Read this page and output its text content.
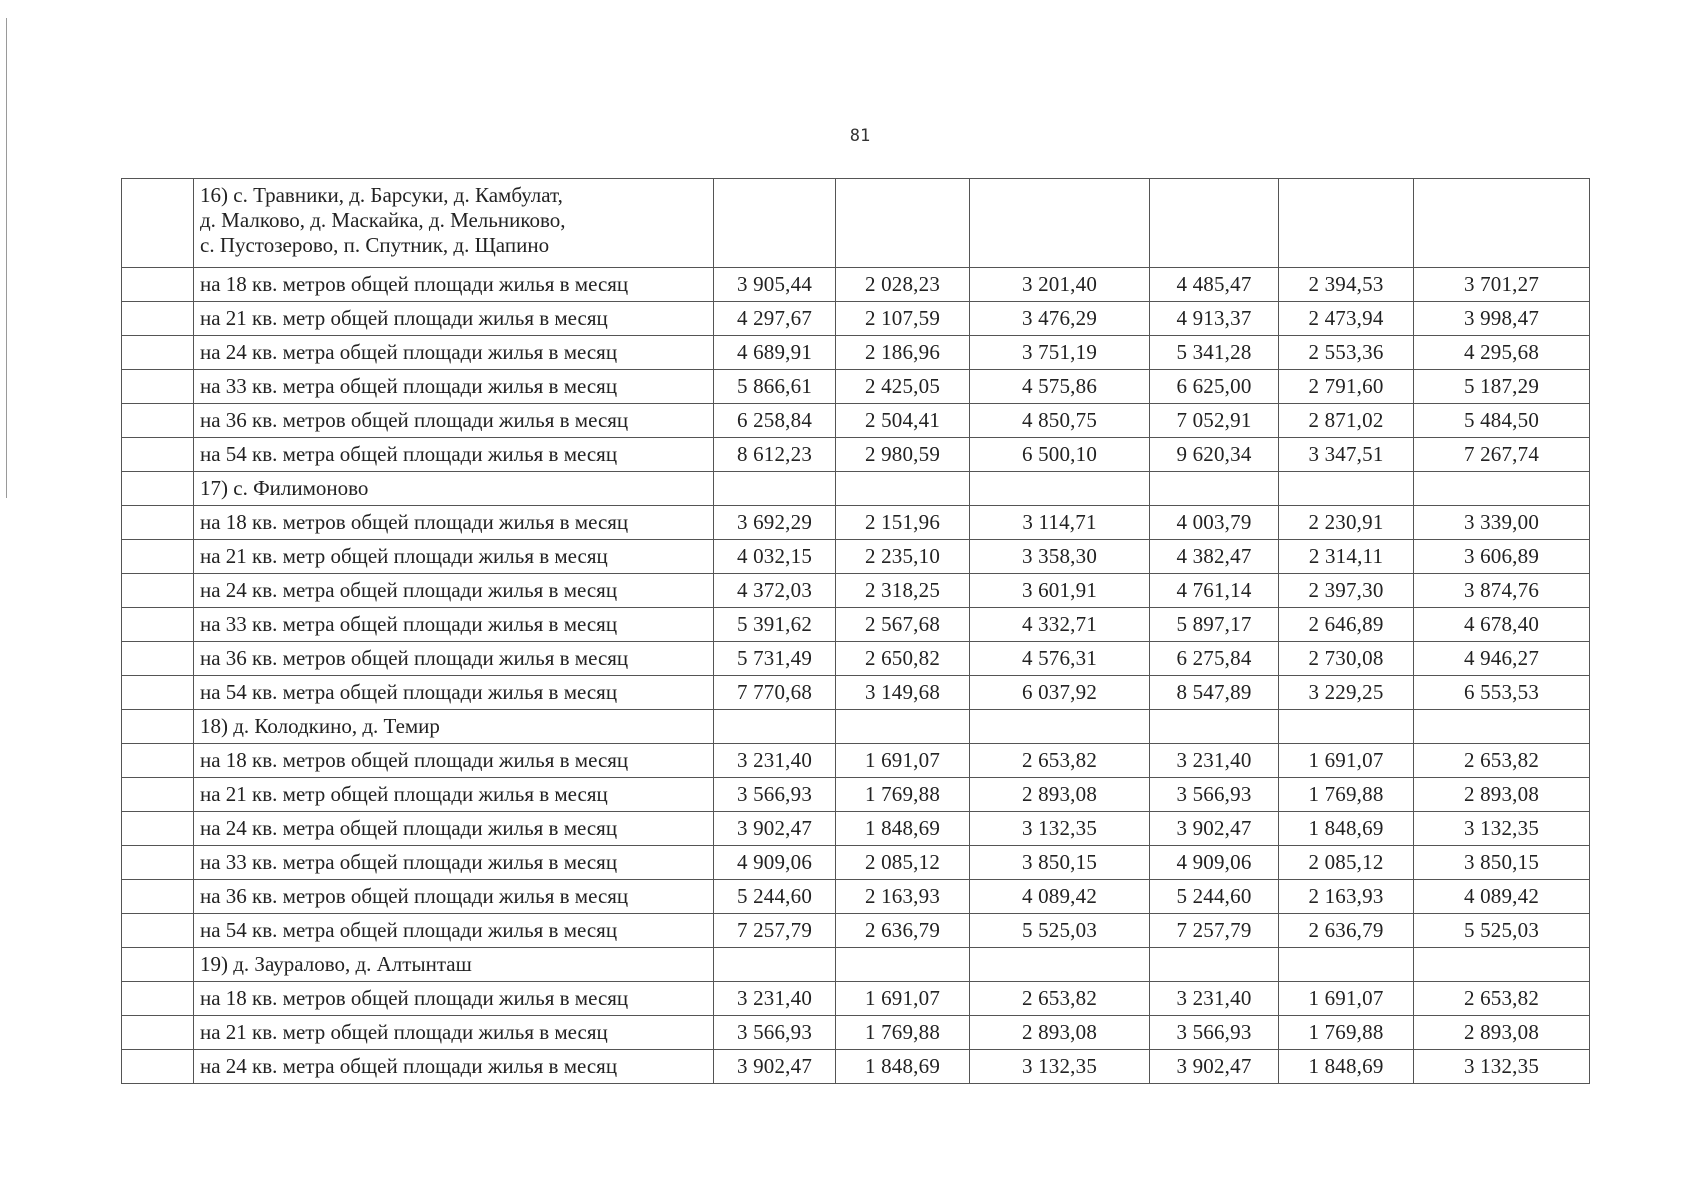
81

	16) с. Травники, д. Барсуки, д. Камбулат,
д. Малково, д. Маскайка, д. Мельниково,
с. Пустозерово, п. Спутник, д. Щапино						

	на 18 кв. метров общей площади жилья в месяц	3 905,44	2 028,23	3 201,40	4 485,47	2 394,53	3 701,27
	на 21 кв. метр общей площади жилья в месяц	4 297,67	2 107,59	3 476,29	4 913,37	2 473,94	3 998,47
	на 24 кв. метра общей площади жилья в месяц	4 689,91	2 186,96	3 751,19	5 341,28	2 553,36	4 295,68
	на 33 кв. метра общей площади жилья в месяц	5 866,61	2 425,05	4 575,86	6 625,00	2 791,60	5 187,29
	на 36 кв. метров общей площади жилья в месяц	6 258,84	2 504,41	4 850,75	7 052,91	2 871,02	5 484,50
	на 54 кв. метра общей площади жилья в месяц	8 612,23	2 980,59	6 500,10	9 620,34	3 347,51	7 267,74
	17) с. Филимоново						
	на 18 кв. метров общей площади жилья в месяц	3 692,29	2 151,96	3 114,71	4 003,79	2 230,91	3 339,00
	на 21 кв. метр общей площади жилья в месяц	4 032,15	2 235,10	3 358,30	4 382,47	2 314,11	3 606,89
	на 24 кв. метра общей площади жилья в месяц	4 372,03	2 318,25	3 601,91	4 761,14	2 397,30	3 874,76
	на 33 кв. метра общей площади жилья в месяц	5 391,62	2 567,68	4 332,71	5 897,17	2 646,89	4 678,40
	на 36 кв. метров общей площади жилья в месяц	5 731,49	2 650,82	4 576,31	6 275,84	2 730,08	4 946,27
	на 54 кв. метра общей площади жилья в месяц	7 770,68	3 149,68	6 037,92	8 547,89	3 229,25	6 553,53
	18) д. Колодкино, д. Темир						
	на 18 кв. метров общей площади жилья в месяц	3 231,40	1 691,07	2 653,82	3 231,40	1 691,07	2 653,82
	на 21 кв. метр общей площади жилья в месяц	3 566,93	1 769,88	2 893,08	3 566,93	1 769,88	2 893,08
	на 24 кв. метра общей площади жилья в месяц	3 902,47	1 848,69	3 132,35	3 902,47	1 848,69	3 132,35
	на 33 кв. метра общей площади жилья в месяц	4 909,06	2 085,12	3 850,15	4 909,06	2 085,12	3 850,15
	на 36 кв. метров общей площади жилья в месяц	5 244,60	2 163,93	4 089,42	5 244,60	2 163,93	4 089,42
	на 54 кв. метра общей площади жилья в месяц	7 257,79	2 636,79	5 525,03	7 257,79	2 636,79	5 525,03
	19) д. Зауралово, д. Алтынташ						
	на 18 кв. метров общей площади жилья в месяц	3 231,40	1 691,07	2 653,82	3 231,40	1 691,07	2 653,82
	на 21 кв. метр общей площади жилья в месяц	3 566,93	1 769,88	2 893,08	3 566,93	1 769,88	2 893,08
	на 24 кв. метра общей площади жилья в месяц	3 902,47	1 848,69	3 132,35	3 902,47	1 848,69	3 132,35
